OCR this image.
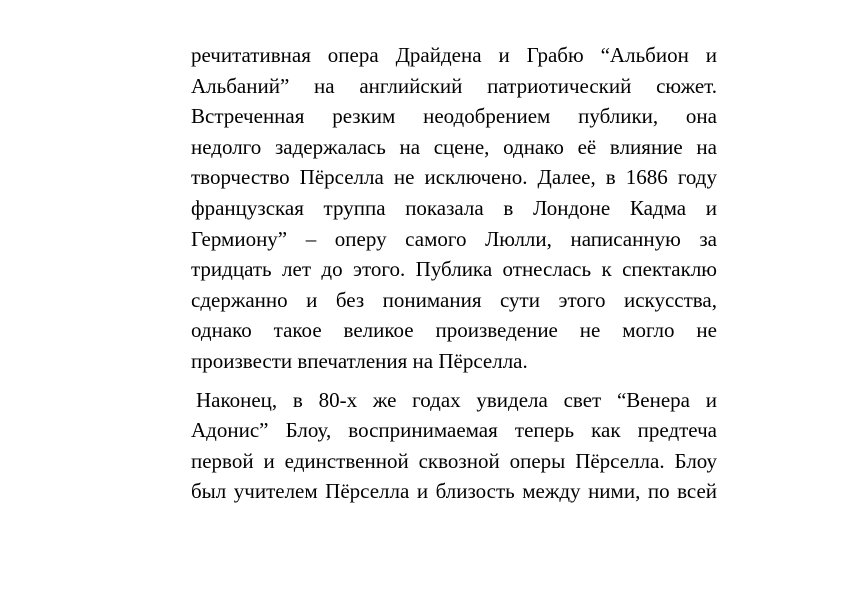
речитативная опера Драйдена и Грабю “Альбион и
Альбаний” на английский патриотический сюжет.
Встреченная резким неодобрением публики, она
недолго задержалась на сцене, однако её влияние на
творчество Пёрселла не исключено. Далее, в 1686 году
французская труппа показала в Лондоне Кадма и
Гермиону” – оперу самого Люлли, написанную за
тридцать лет до этого. Публика отнеслась к спектаклю
сдержанно и без понимания сути этого искусства,
однако такое великое произведение не могло не
произвести впечатления на Пёрселла.
Наконец, в 80-х же годах увидела свет “Венера и
Адонис” Блоу, воспринимаемая теперь как предтеча
первой и единственной сквозной оперы Пёрселла. Блоу
был учителем Пёрселла и близость между ними, по всей
